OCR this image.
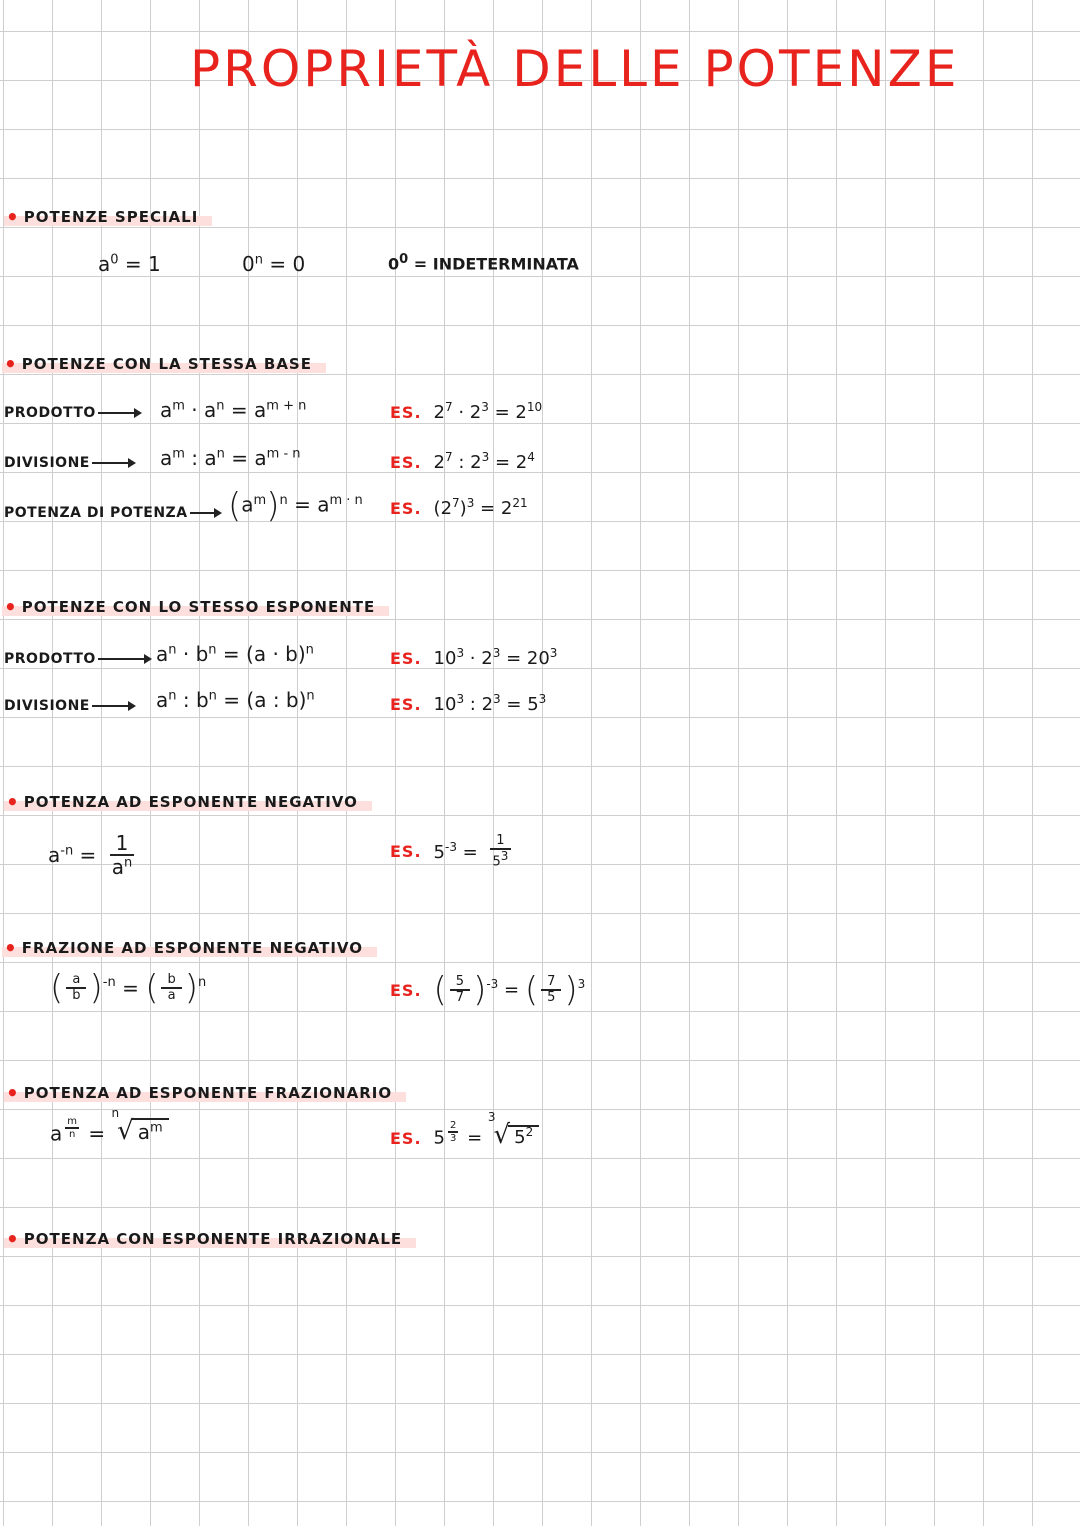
PROPRIETÀ DELLE POTENZE
• POTENZE SPECIALI
$a^0 = 1$	$0^n = 0$	$0^0$ = INDETERMINATA
• POTENZE CON LA STESSA BASE
PRODOTTO	$a^m \cdot a^n = a^{m + n}$	ES. $2^7 \cdot 2^3 = 2^{10}$
DIVISIONE	$a^m$ : $a^n = a^{m - n}$	ES. $2^7$ : $2^3 = 2^4$
POTENZA DI POTENZA	$(a^m)^n = a^{m \cdot n}$ ES. $(2^7)^3 = 2^{21}$
• POTENZE CON LO STESSO ESPONENTE
PRODOTTO	$a^n \cdot b^n = (a \cdot b)^n$	ES. $10^3 \cdot 2^3 = 20^3$
DIVISIONE	$a^n$ : $b^n = (a$ : b)$^n$	ES. $10^3$ : $2^3 = 5^3$
• POTENZA AD ESPONENTE NEGATIVO
$a^{-n} = \frac{1}{a^n}$	ES. $5^{-3} = \frac{1}{5^3}$
• FRAZIONE AD ESPONENTE NEGATIVO
( $\frac{a}{b} )^{-n}$ = ( $\frac{b}{a} )^n$	ES. ( $\frac{5}{7} )^{-3}$ = ( $\frac{7}{5} )^3$
• POTENZA AD ESPONENTE FRAZIONARIO
a $\frac{m}{n} = ^n√$ $a^m$
ES. $5 \frac{2}{3} = ^3√$ $5^2$
• POTENZA CON ESPONENTE IRRAZIONALE
